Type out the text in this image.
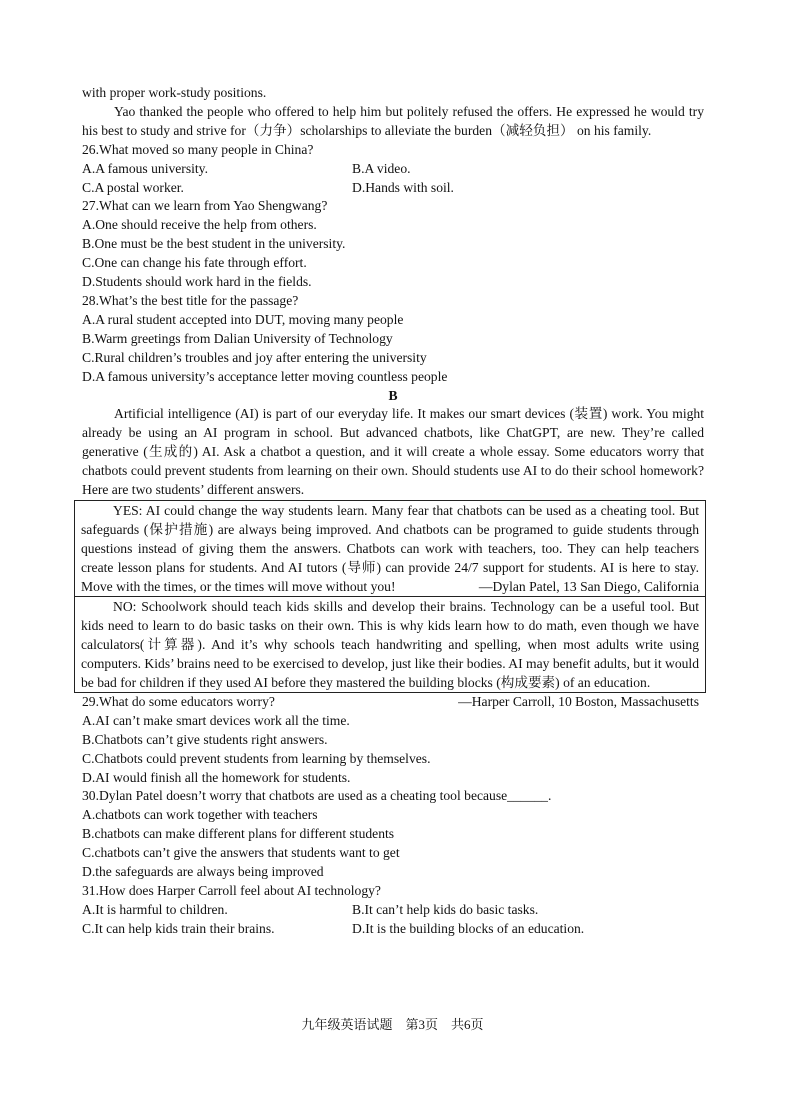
with proper work-study positions.
Yao thanked the people who offered to help him but politely refused the offers. He expressed he would try his best to study and strive for（力争）scholarships to alleviate the burden（减轻负担） on his family.
26.What moved so many people in China?
A.A famous university.	B.A video.
C.A postal worker.	D.Hands with soil.
27.What can we learn from Yao Shengwang?
A.One should receive the help from others.
B.One must be the best student in the university.
C.One can change his fate through effort.
D.Students should work hard in the fields.
28.What’s the best title for the passage?
A.A rural student accepted into DUT, moving many people
B.Warm greetings from Dalian University of Technology
C.Rural children’s troubles and joy after entering the university
D.A famous university’s acceptance letter moving countless people
B
Artificial intelligence (AI) is part of our everyday life. It makes our smart devices (装置) work. You might already be using an AI program in school. But advanced chatbots, like ChatGPT, are new. They’re called generative (生成的) AI. Ask a chatbot a question, and it will create a whole essay. Some educators worry that chatbots could prevent students from learning on their own. Should students use AI to do their school homework? Here are two students’ different answers.
YES: AI could change the way students learn. Many fear that chatbots can be used as a cheating tool. But safeguards (保护措施) are always being improved. And chatbots can be programed to guide students through questions instead of giving them the answers. Chatbots can work with teachers, too. They can help teachers create lesson plans for students. And AI tutors (导师) can provide 24/7 support for students. AI is here to stay. Move with the times, or the times will move without you!	—Dylan Patel, 13 San Diego, California
NO: Schoolwork should teach kids skills and develop their brains. Technology can be a useful tool. But kids need to learn to do basic tasks on their own. This is why kids learn how to do math, even though we have calculators(计算器). And it’s why schools teach handwriting and spelling, when most adults write using computers. Kids’ brains need to be exercised to develop, just like their bodies. AI may benefit adults, but it would be bad for children if they used AI before they mastered the building blocks (构成要素) of an education.
—Harper Carroll, 10 Boston, Massachusetts
29.What do some educators worry?
A.AI can’t make smart devices work all the time.
B.Chatbots can’t give students right answers.
C.Chatbots could prevent students from learning by themselves.
D.AI would finish all the homework for students.
30.Dylan Patel doesn’t worry that chatbots are used as a cheating tool because______.
A.chatbots can work together with teachers
B.chatbots can make different plans for different students
C.chatbots can’t give the answers that students want to get
D.the safeguards are always being improved
31.How does Harper Carroll feel about AI technology?
A.It is harmful to children.	B.It can’t help kids do basic tasks.
C.It can help kids train their brains.	D.It is the building blocks of an education.
九年级英语试题　第3页　共6页
